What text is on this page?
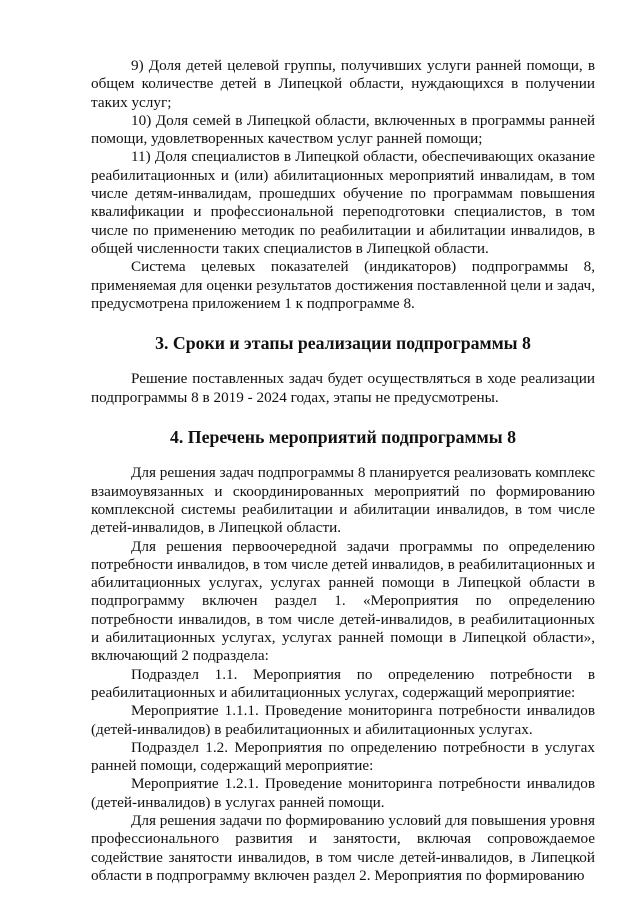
9) Доля детей целевой группы, получивших услуги ранней помощи, в общем количестве детей в Липецкой области, нуждающихся в получении таких услуг;

10) Доля семей в Липецкой области, включенных в программы ранней помощи, удовлетворенных качеством услуг ранней помощи;

11) Доля специалистов в Липецкой области, обеспечивающих оказание реабилитационных и (или) абилитационных мероприятий инвалидам, в том числе детям-инвалидам, прошедших обучение по программам повышения квалификации и профессиональной переподготовки специалистов, в том числе по применению методик по реабилитации и абилитации инвалидов, в общей численности таких специалистов в Липецкой области.

Система целевых показателей (индикаторов) подпрограммы 8, применяемая для оценки результатов достижения поставленной цели и задач, предусмотрена приложением 1 к подпрограмме 8.

3. Сроки и этапы реализации подпрограммы 8

Решение поставленных задач будет осуществляться в ходе реализации подпрограммы 8 в 2019 - 2024 годах, этапы не предусмотрены.

4. Перечень мероприятий подпрограммы 8

Для решения задач подпрограммы 8 планируется реализовать комплекс взаимоувязанных и скоординированных мероприятий по формированию комплексной системы реабилитации и абилитации инвалидов, в том числе детей-инвалидов, в Липецкой области.

Для решения первоочередной задачи программы по определению потребности инвалидов, в том числе детей инвалидов, в реабилитационных и абилитационных услугах, услугах ранней помощи в Липецкой области в подпрограмму включен раздел 1. «Мероприятия по определению потребности инвалидов, в том числе детей-инвалидов, в реабилитационных и абилитационных услугах, услугах ранней помощи в Липецкой области», включающий 2 подраздела:

Подраздел 1.1. Мероприятия по определению потребности в реабилитационных и абилитационных услугах, содержащий мероприятие:

Мероприятие 1.1.1. Проведение мониторинга потребности инвалидов (детей-инвалидов) в реабилитационных и абилитационных услугах.

Подраздел 1.2. Мероприятия по определению потребности в услугах ранней помощи, содержащий мероприятие:

Мероприятие 1.2.1. Проведение мониторинга потребности инвалидов (детей-инвалидов) в услугах ранней помощи.

Для решения задачи по формированию условий для повышения уровня профессионального развития и занятости, включая сопровождаемое содействие занятости инвалидов, в том числе детей-инвалидов, в Липецкой области в подпрограмму включен раздел 2. Мероприятия по формированию
